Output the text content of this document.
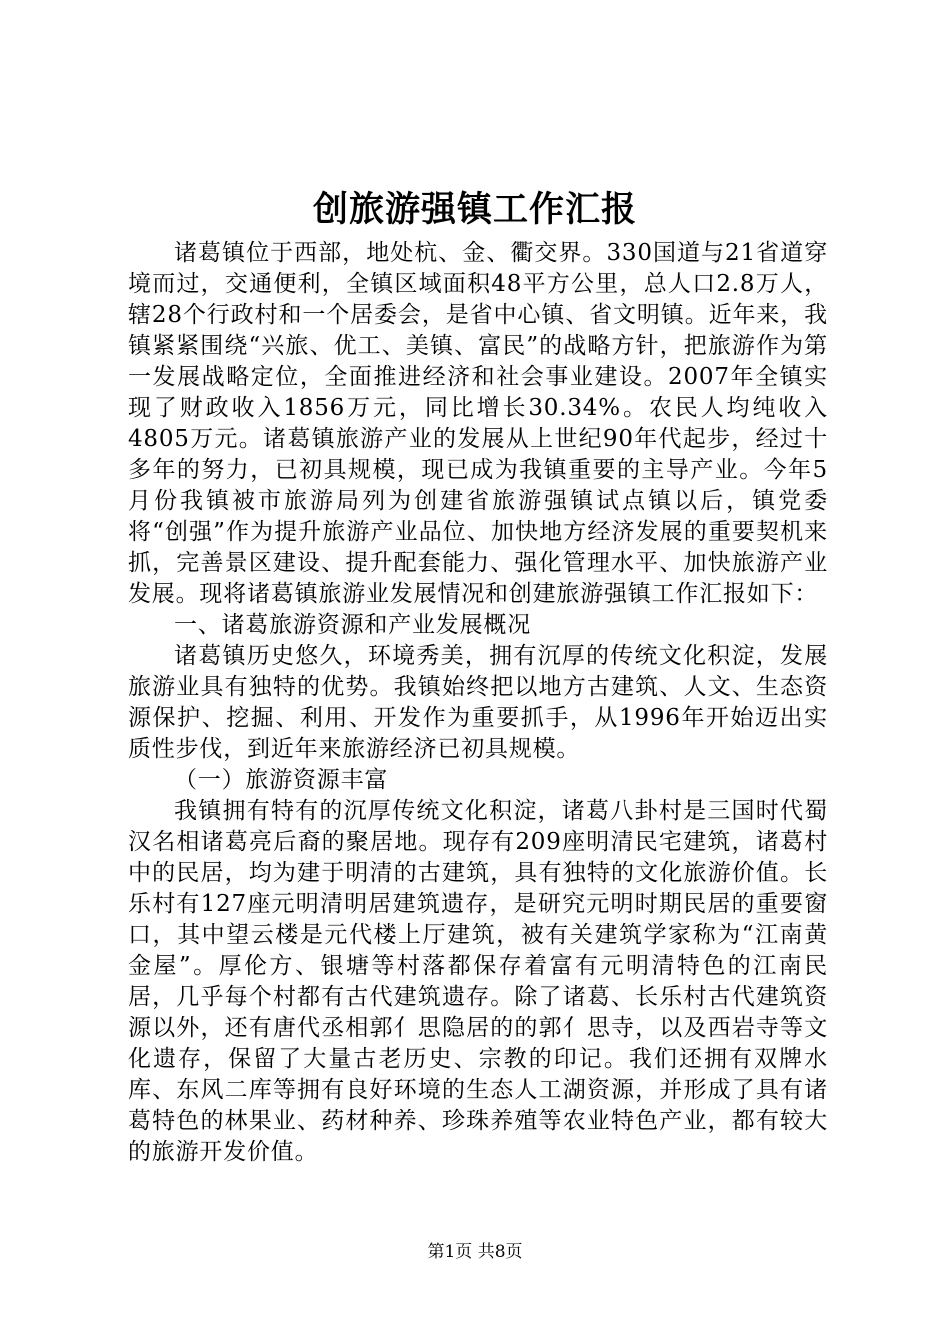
创旅游强镇工作汇报

诸葛镇位于西部，地处杭、金、衢交界。330国道与21省道穿境而过，交通便利，全镇区域面积48平方公里，总人口2.8万人，辖28个行政村和一个居委会，是省中心镇、省文明镇。近年来，我镇紧紧围绕“兴旅、优工、美镇、富民”的战略方针，把旅游作为第一发展战略定位，全面推进经济和社会事业建设。2007年全镇实现了财政收入1856万元，同比增长30.34%。农民人均纯收入4805万元。诸葛镇旅游产业的发展从上世纪90年代起步，经过十多年的努力，已初具规模，现已成为我镇重要的主导产业。今年5月份我镇被市旅游局列为创建省旅游强镇试点镇以后，镇党委将“创强”作为提升旅游产业品位、加快地方经济发展的重要契机来抓，完善景区建设、提升配套能力、强化管理水平、加快旅游产业发展。现将诸葛镇旅游业发展情况和创建旅游强镇工作汇报如下：

一、诸葛旅游资源和产业发展概况

诸葛镇历史悠久，环境秀美，拥有沉厚的传统文化积淀，发展旅游业具有独特的优势。我镇始终把以地方古建筑、人文、生态资源保护、挖掘、利用、开发作为重要抓手，从1996年开始迈出实质性步伐，到近年来旅游经济已初具规模。

（一）旅游资源丰富

我镇拥有特有的沉厚传统文化积淀，诸葛八卦村是三国时代蜀汉名相诸葛亮后裔的聚居地。现存有209座明清民宅建筑，诸葛村中的民居，均为建于明清的古建筑，具有独特的文化旅游价值。长乐村有127座元明清明居建筑遗存，是研究元明时期民居的重要窗口，其中望云楼是元代楼上厅建筑，被有关建筑学家称为“江南黄金屋”。厚伦方、银塘等村落都保存着富有元明清特色的江南民居，几乎每个村都有古代建筑遗存。除了诸葛、长乐村古代建筑资源以外，还有唐代丞相郭亻思隐居的的郭亻思寺，以及西岩寺等文化遗存，保留了大量古老历史、宗教的印记。我们还拥有双牌水库、东风二库等拥有良好环境的生态人工湖资源，并形成了具有诸葛特色的林果业、药材种养、珍珠养殖等农业特色产业，都有较大的旅游开发价值。

第1页 共8页
